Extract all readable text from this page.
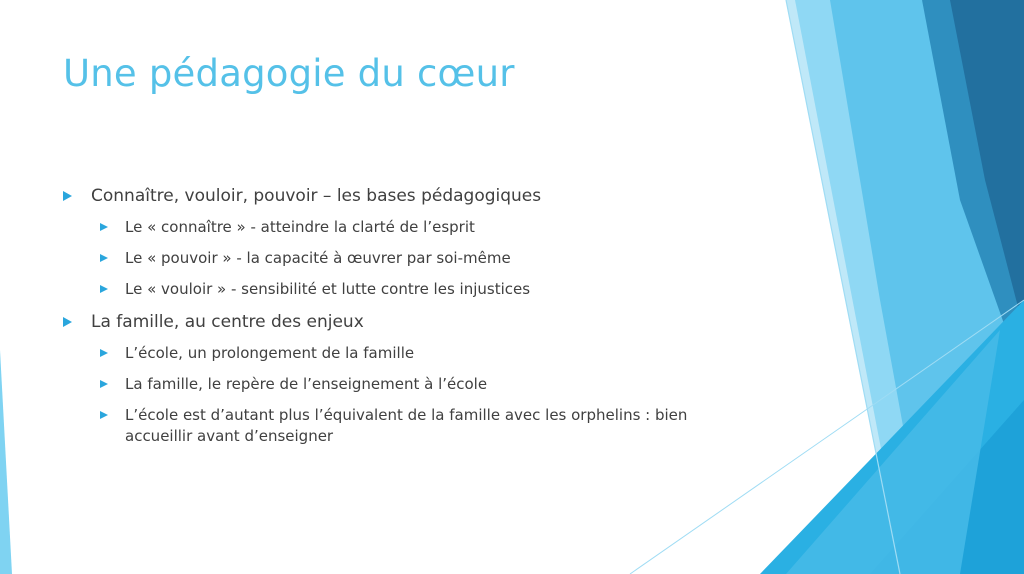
Une pédagogie du cœur
Connaître, vouloir, pouvoir – les bases pédagogiques
Le « connaître » - atteindre la clarté de l’esprit
Le « pouvoir » - la capacité à œuvrer par soi-même
Le « vouloir » - sensibilité et lutte contre les injustices
La famille, au centre des enjeux
L’école, un prolongement de la famille
La famille, le repère de l’enseignement à l’école
L’école est d’autant plus l’équivalent de la famille avec les orphelins : bien accueillir avant d’enseigner
